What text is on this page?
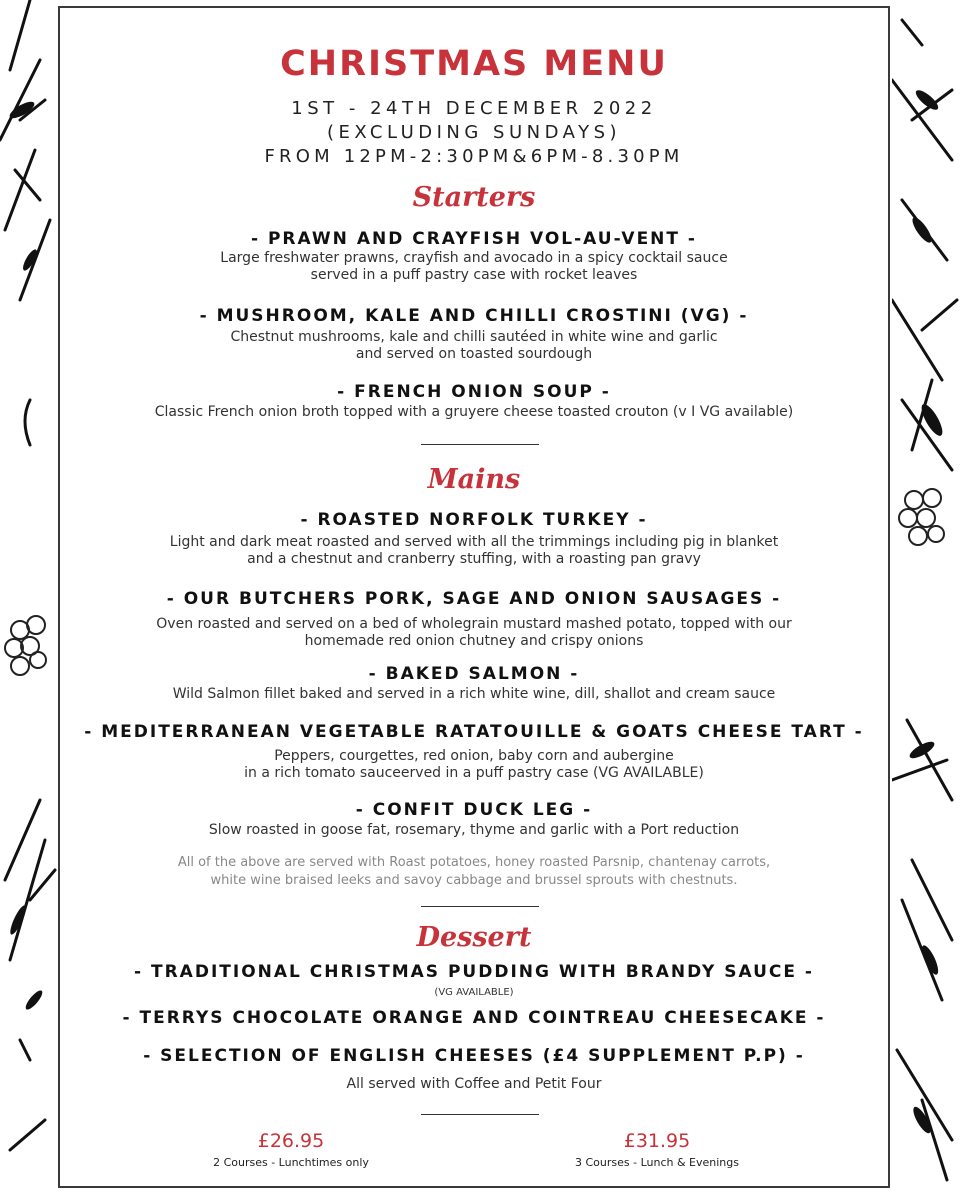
CHRISTMAS MENU
1ST - 24TH DECEMBER 2022
(EXCLUDING SUNDAYS)
FROM 12PM-2:30PM&6PM-8.30PM
Starters
- PRAWN AND CRAYFISH VOL-AU-VENT -
Large freshwater prawns, crayfish and avocado in a spicy cocktail sauce
served in a puff pastry case with rocket leaves
- MUSHROOM, KALE AND CHILLI CROSTINI (VG) -
Chestnut mushrooms, kale and chilli sautéed in white wine and garlic
and served on toasted sourdough
- FRENCH ONION SOUP -
Classic French onion broth topped with a gruyere cheese toasted crouton (v I VG available)
Mains
- ROASTED NORFOLK TURKEY -
Light and dark meat roasted and served with all the trimmings including pig in blanket
and a chestnut and cranberry stuffing, with a roasting pan gravy
- OUR BUTCHERS PORK, SAGE AND ONION SAUSAGES -
Oven roasted and served on a bed of wholegrain mustard mashed potato, topped with our
homemade red onion chutney and crispy onions
- BAKED SALMON -
Wild Salmon fillet baked and served in a rich white wine, dill, shallot and cream sauce
- MEDITERRANEAN VEGETABLE RATATOUILLE & GOATS CHEESE TART -
Peppers, courgettes, red onion, baby corn and aubergine
in a rich tomato sauceerved in a puff pastry case (VG AVAILABLE)
- CONFIT DUCK LEG -
Slow roasted in goose fat, rosemary, thyme and garlic with a Port reduction
All of the above are served with Roast potatoes, honey roasted Parsnip, chantenay carrots,
white wine braised leeks and savoy cabbage and brussel sprouts with chestnuts.
Dessert
- TRADITIONAL CHRISTMAS PUDDING WITH BRANDY SAUCE -
(VG AVAILABLE)
- TERRYS CHOCOLATE ORANGE AND COINTREAU CHEESECAKE -
- SELECTION OF ENGLISH CHEESES (£4 SUPPLEMENT P.P) -
All served with Coffee and Petit Four
£26.95
2 Courses - Lunchtimes only
£31.95
3 Courses - Lunch & Evenings
